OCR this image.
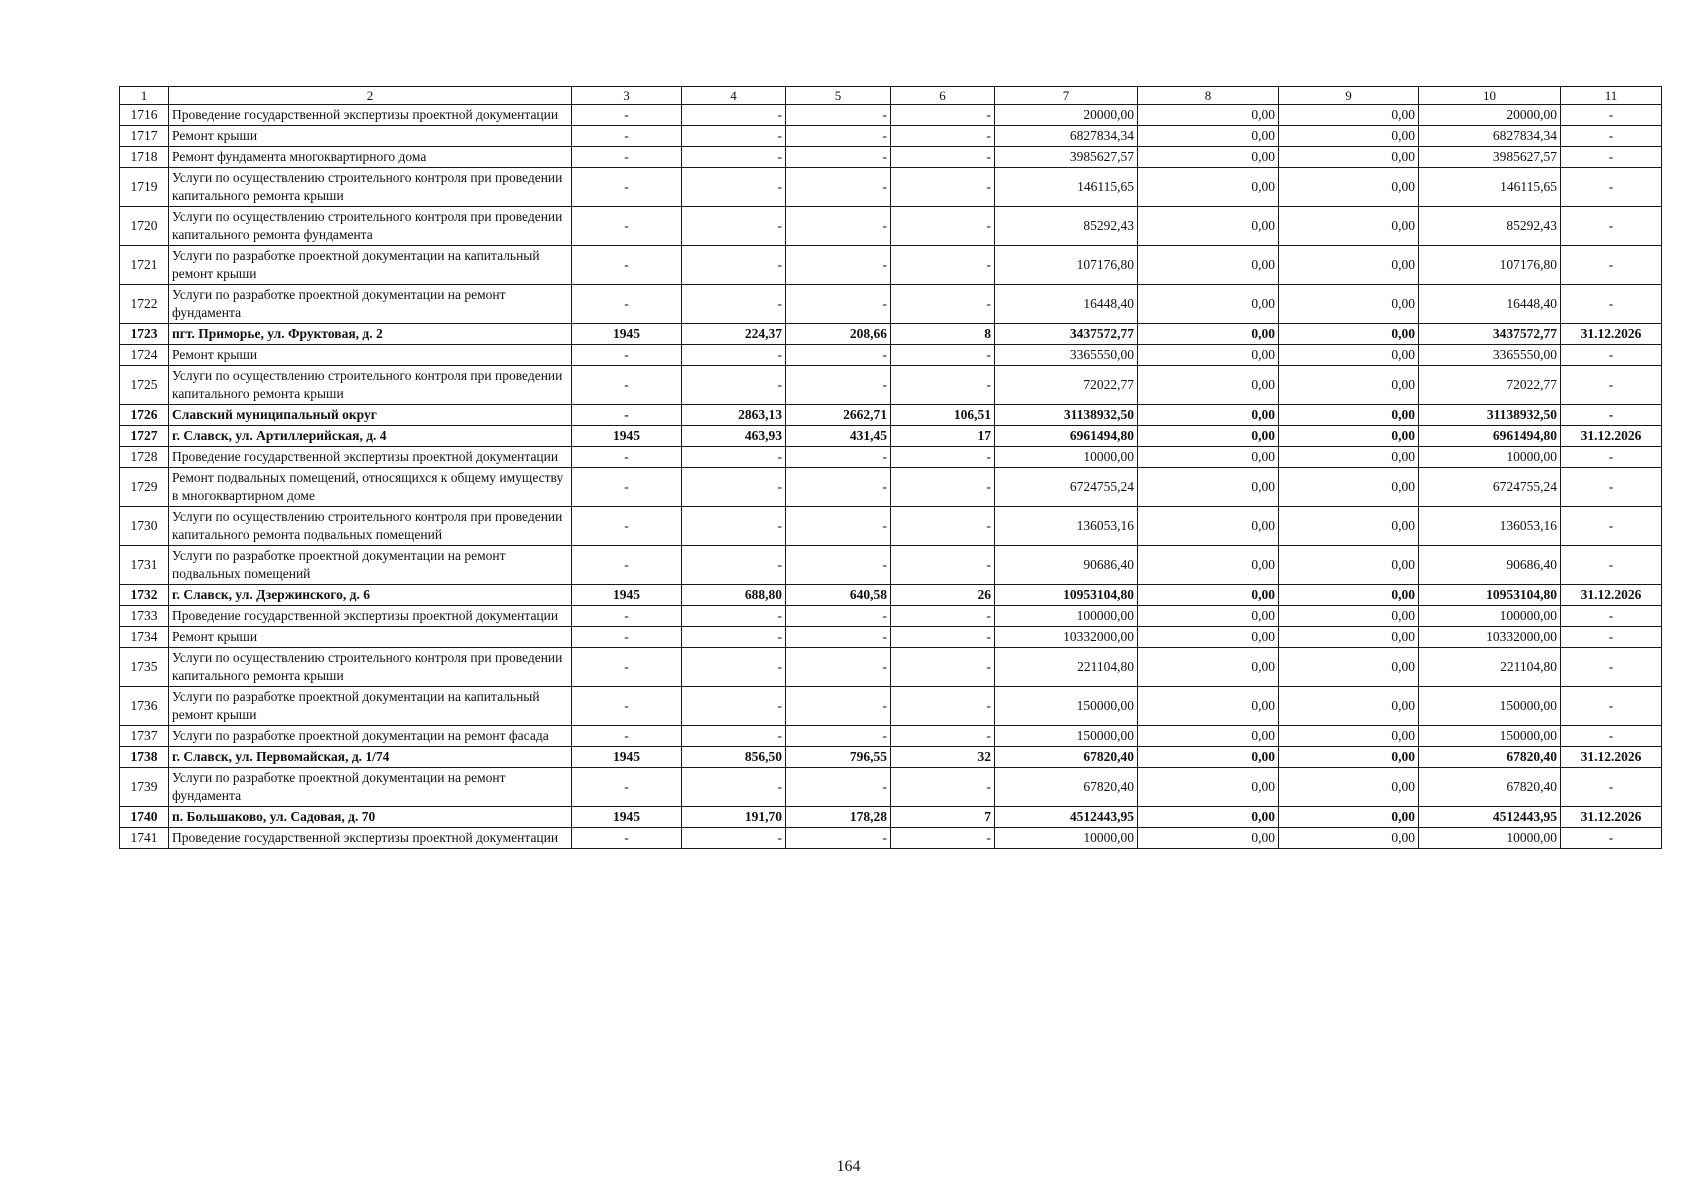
1	2	3	4	5	6	7	8	9	10	11
1716	Проведение государственной экспертизы проектной документации	-	-	-	-	20000,00	0,00	0,00	20000,00	-
1717	Ремонт крыши	-	-	-	-	6827834,34	0,00	0,00	6827834,34	-
1718	Ремонт фундамента многоквартирного дома	-	-	-	-	3985627,57	0,00	0,00	3985627,57	-
1719	Услуги по осуществлению строительного контроля при проведении капитального ремонта крыши	-	-	-	-	146115,65	0,00	0,00	146115,65	-
1720	Услуги по осуществлению строительного контроля при проведении капитального ремонта фундамента	-	-	-	-	85292,43	0,00	0,00	85292,43	-
1721	Услуги по разработке проектной документации на капитальный ремонт крыши	-	-	-	-	107176,80	0,00	0,00	107176,80	-
1722	Услуги по разработке проектной документации на ремонт фундамента	-	-	-	-	16448,40	0,00	0,00	16448,40	-
1723	пгт. Приморье, ул. Фруктовая, д. 2	1945	224,37	208,66	8	3437572,77	0,00	0,00	3437572,77	31.12.2026
1724	Ремонт крыши	-	-	-	-	3365550,00	0,00	0,00	3365550,00	-
1725	Услуги по осуществлению строительного контроля при проведении капитального ремонта крыши	-	-	-	-	72022,77	0,00	0,00	72022,77	-
1726	Славский муниципальный округ	-	2863,13	2662,71	106,51	31138932,50	0,00	0,00	31138932,50	-
1727	г. Славск, ул. Артиллерийская, д. 4	1945	463,93	431,45	17	6961494,80	0,00	0,00	6961494,80	31.12.2026
1728	Проведение государственной экспертизы проектной документации	-	-	-	-	10000,00	0,00	0,00	10000,00	-
1729	Ремонт подвальных помещений, относящихся к общему имуществу в многоквартирном доме	-	-	-	-	6724755,24	0,00	0,00	6724755,24	-
1730	Услуги по осуществлению строительного контроля при проведении капитального ремонта подвальных помещений	-	-	-	-	136053,16	0,00	0,00	136053,16	-
1731	Услуги по разработке проектной документации на ремонт подвальных помещений	-	-	-	-	90686,40	0,00	0,00	90686,40	-
1732	г. Славск, ул. Дзержинского, д. 6	1945	688,80	640,58	26	10953104,80	0,00	0,00	10953104,80	31.12.2026
1733	Проведение государственной экспертизы проектной документации	-	-	-	-	100000,00	0,00	0,00	100000,00	-
1734	Ремонт крыши	-	-	-	-	10332000,00	0,00	0,00	10332000,00	-
1735	Услуги по осуществлению строительного контроля при проведении капитального ремонта крыши	-	-	-	-	221104,80	0,00	0,00	221104,80	-
1736	Услуги по разработке проектной документации на капитальный ремонт крыши	-	-	-	-	150000,00	0,00	0,00	150000,00	-
1737	Услуги по разработке проектной документации на ремонт фасада	-	-	-	-	150000,00	0,00	0,00	150000,00	-
1738	г. Славск, ул. Первомайская, д. 1/74	1945	856,50	796,55	32	67820,40	0,00	0,00	67820,40	31.12.2026
1739	Услуги по разработке проектной документации на ремонт фундамента	-	-	-	-	67820,40	0,00	0,00	67820,40	-
1740	п. Большаково, ул. Садовая, д. 70	1945	191,70	178,28	7	4512443,95	0,00	0,00	4512443,95	31.12.2026
1741	Проведение государственной экспертизы проектной документации	-	-	-	-	10000,00	0,00	0,00	10000,00	-
164
